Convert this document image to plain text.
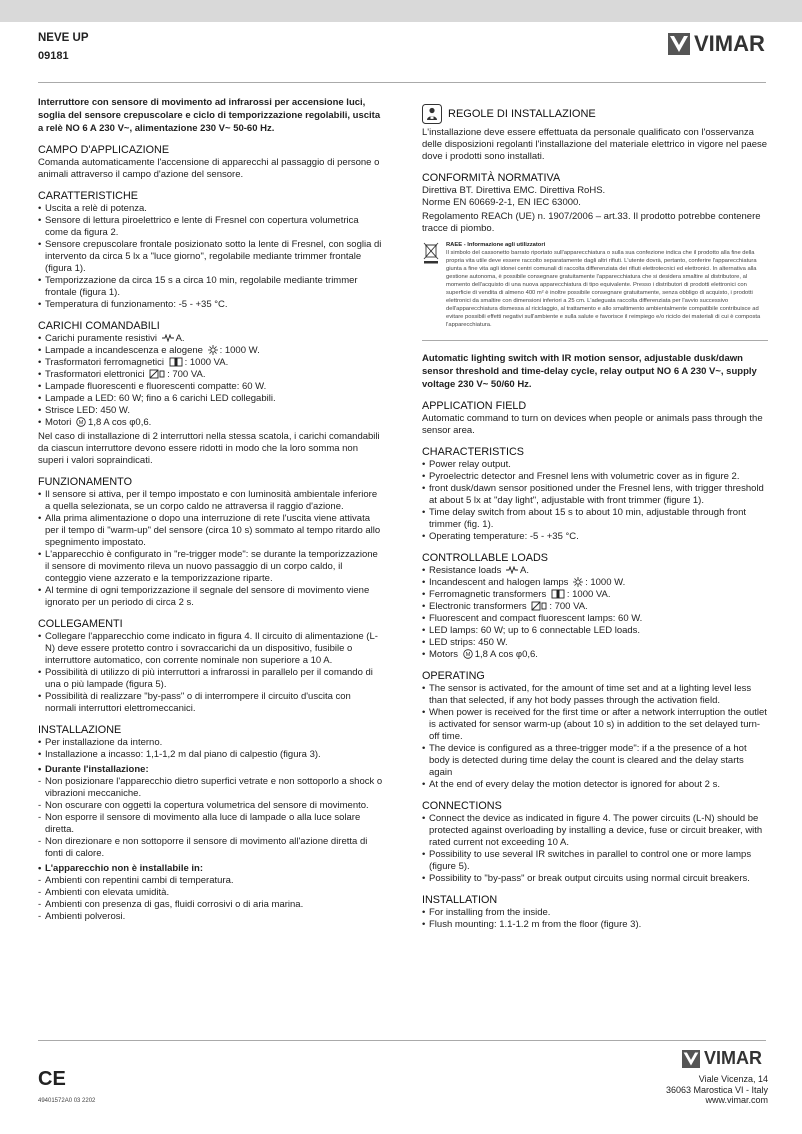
NEVE UP
09181	VIMAR

Interruttore con sensore di movimento ad infrarossi per accensione luci, soglia del sensore crepuscolare e ciclo di temporizzazione regolabili, uscita a relè NO 6 A 230 V~, alimentazione 230 V~ 50-60 Hz.

CAMPO D'APPLICAZIONE

Comanda automaticamente l'accensione di apparecchi al passaggio di persone o animali attraverso il campo d'azione del sensore.

CARATTERISTICHE
• Uscita a relè di potenza.
• Sensore di lettura piroelettrico e lente di Fresnel con copertura volumetrica come da figura 2.
• Sensore crepuscolare frontale posizionato sotto la lente di Fresnel, con soglia di intervento da circa 5 lx a "luce giorno", regolabile mediante trimmer frontale (figura 1).
• Temporizzazione da circa 15 s a circa 10 min, regolabile mediante trimmer frontale (figura 1).
• Temperatura di funzionamento: -5 - +35 °C.
CARICHI COMANDABILI
• Carichi puramente resistivi A.
• Lampade a incandescenza e alogene : 1000 W.
• Trasformatori ferromagnetici : 1000 VA.
• Trasformatori elettronici : 700 VA.
• Lampade fluorescenti e fluorescenti compatte: 60 W.
• Lampade a LED: 60 W; fino a 6 carichi LED collegabili.
• Strisce LED: 450 W.
• Motori M 1,8 A cos φ0,6.

Nel caso di installazione di 2 interruttori nella stessa scatola, i carichi comandabili da ciascun interruttore devono essere ridotti in modo che la loro somma non superi i valori sopraindicati.

FUNZIONAMENTO
• Il sensore si attiva, per il tempo impostato e con luminosità ambientale inferiore a quella selezionata, se un corpo caldo ne attraversa il raggio d'azione.
• Alla prima alimentazione o dopo una interruzione di rete l'uscita viene attivata per il tempo di "warm-up" del sensore (circa 10 s) sommato al tempo ritardo allo spegnimento impostato.
• L'apparecchio è configurato in "re-trigger mode": se durante la temporizzazione il sensore di movimento rileva un nuovo passaggio di un corpo caldo, il conteggio viene azzerato e la temporizzazione riparte.
• Al termine di ogni temporizzazione il segnale del sensore di movimento viene ignorato per un periodo di circa 2 s.
COLLEGAMENTI
• Collegare l'apparecchio come indicato in figura 4. Il circuito di alimentazione (L-N) deve essere protetto contro i sovraccarichi da un dispositivo, fusibile o interruttore automatico, con corrente nominale non superiore a 10 A.
• Possibilità di utilizzo di più interruttori a infrarossi in parallelo per il comando di una o più lampade (figura 5).
• Possibilità di realizzare "by-pass" o di interrompere il circuito d'uscita con normali interruttori elettromeccanici.
INSTALLAZIONE
• Per installazione da interno.
• Installazione a incasso: 1,1-1,2 m dal piano di calpestio (figura 3).
• Durante l'installazione:
- Non posizionare l'apparecchio dietro superfici vetrate e non sottoporlo a shock o vibrazioni meccaniche.
- Non oscurare con oggetti la copertura volumetrica del sensore di movimento.
- Non esporre il sensore di movimento alla luce di lampade o alla luce solare diretta.
- Non direzionare e non sottoporre il sensore di movimento all'azione diretta di fonti di calore.
• L'apparecchio non è installabile in:
- Ambienti con repentini cambi di temperatura.
- Ambienti con elevata umidità.
- Ambienti con presenza di gas, fluidi corrosivi o di aria marina.
- Ambienti polverosi.
REGOLE DI INSTALLAZIONE

L'installazione deve essere effettuata da personale qualificato con l'osservanza delle disposizioni regolanti l'installazione del materiale elettrico in vigore nel paese dove i prodotti sono installati.

CONFORMITÀ NORMATIVA

Direttiva BT. Direttiva EMC. Direttiva RoHS.

Norme EN 60669-2-1, EN IEC 63000.

Regolamento REACh (UE) n. 1907/2006 – art.33. Il prodotto potrebbe contenere tracce di piombo.

RAEE - Informazione agli utilizzatori
Il simbolo del cassonetto barrato riportato sull'apparecchiatura o sulla sua confezione indica che il prodotto alla fine della propria vita utile deve essere raccolto separatamente dagli altri rifiuti. L'utente dovrà, pertanto, conferire l'apparecchiatura giunta a fine vita agli idonei centri comunali di raccolta differenziata dei rifiuti elettrotecnici ed elettronici. In alternativa alla gestione autonoma, è possibile consegnare gratuitamente l'apparecchiatura che si desidera smaltire al distributore, al momento dell'acquisto di una nuova apparecchiatura di tipo equivalente. Presso i distributori di prodotti elettronici con superficie di vendita di almeno 400 m² è inoltre possibile consegnare gratuitamente, senza obbligo di acquisto, i prodotti elettronici da smaltire con dimensioni inferiori a 25 cm. L'adeguata raccolta differenziata per l'avvio successivo dell'apparecchiatura dismessa al riciclaggio, al trattamento e allo smaltimento ambientalmente compatibile contribuisce ad evitare possibili effetti negativi sull'ambiente e sulla salute e favorisce il reimpiego e/o riciclo dei materiali di cui è composta l'apparecchiatura.

Automatic lighting switch with IR motion sensor, adjustable dusk/dawn sensor threshold and time-delay cycle, relay output NO 6 A 230 V~, supply voltage 230 V~ 50/60 Hz.

APPLICATION FIELD

Automatic command to turn on devices when people or animals pass through the sensor area.

CHARACTERISTICS
• Power relay output.
• Pyroelectric detector and Fresnel lens with volumetric cover as in figure 2.
• front dusk/dawn sensor positioned under the Fresnel lens, with trigger threshold at about 5 lx at "day light", adjustable with front trimmer (figure 1).
• Time delay switch from about 15 s to about 10 min, adjustable through front trimmer (fig. 1).
• Operating temperature: -5 - +35 °C.
CONTROLLABLE LOADS
• Resistance loads A.
• Incandescent and halogen lamps : 1000 W.
• Ferromagnetic transformers : 1000 VA.
• Electronic transformers : 700 VA.
• Fluorescent and compact fluorescent lamps: 60 W.
• LED lamps: 60 W; up to 6 connectable LED loads.
• LED strips: 450 W.
• Motors M 1,8 A cos φ0,6.
OPERATING
• The sensor is activated, for the amount of time set and at a lighting level less than that selected, if any hot body passes through the activation field.
• When power is received for the first time or after a network interruption the outlet is activated for sensor warm-up (about 10 s) in addition to the set delayed turn-off time.
• The device is configured as a three-trigger mode": if a the presence of a hot body is detected during time delay the count is cleared and the delay starts again
• At the end of every delay the motion detector is ignored for about 2 s.
CONNECTIONS
• Connect the device as indicated in figure 4. The power circuits (L-N) should be protected against overloading by installing a device, fuse or circuit breaker, with rated current not exceeding 10 A.
• Possibility to use several IR switches in parallel to control one or more lamps (figure 5).
• Possibility to "by-pass" or break output circuits using normal circuit breakers.
INSTALLATION
• For installing from the inside.
• Flush mounting: 1.1-1.2 m from the floor (figure 3).
CE
49401572A0 03 2202
VIMAR
Viale Vicenza, 14
36063 Marostica VI - Italy
www.vimar.com
